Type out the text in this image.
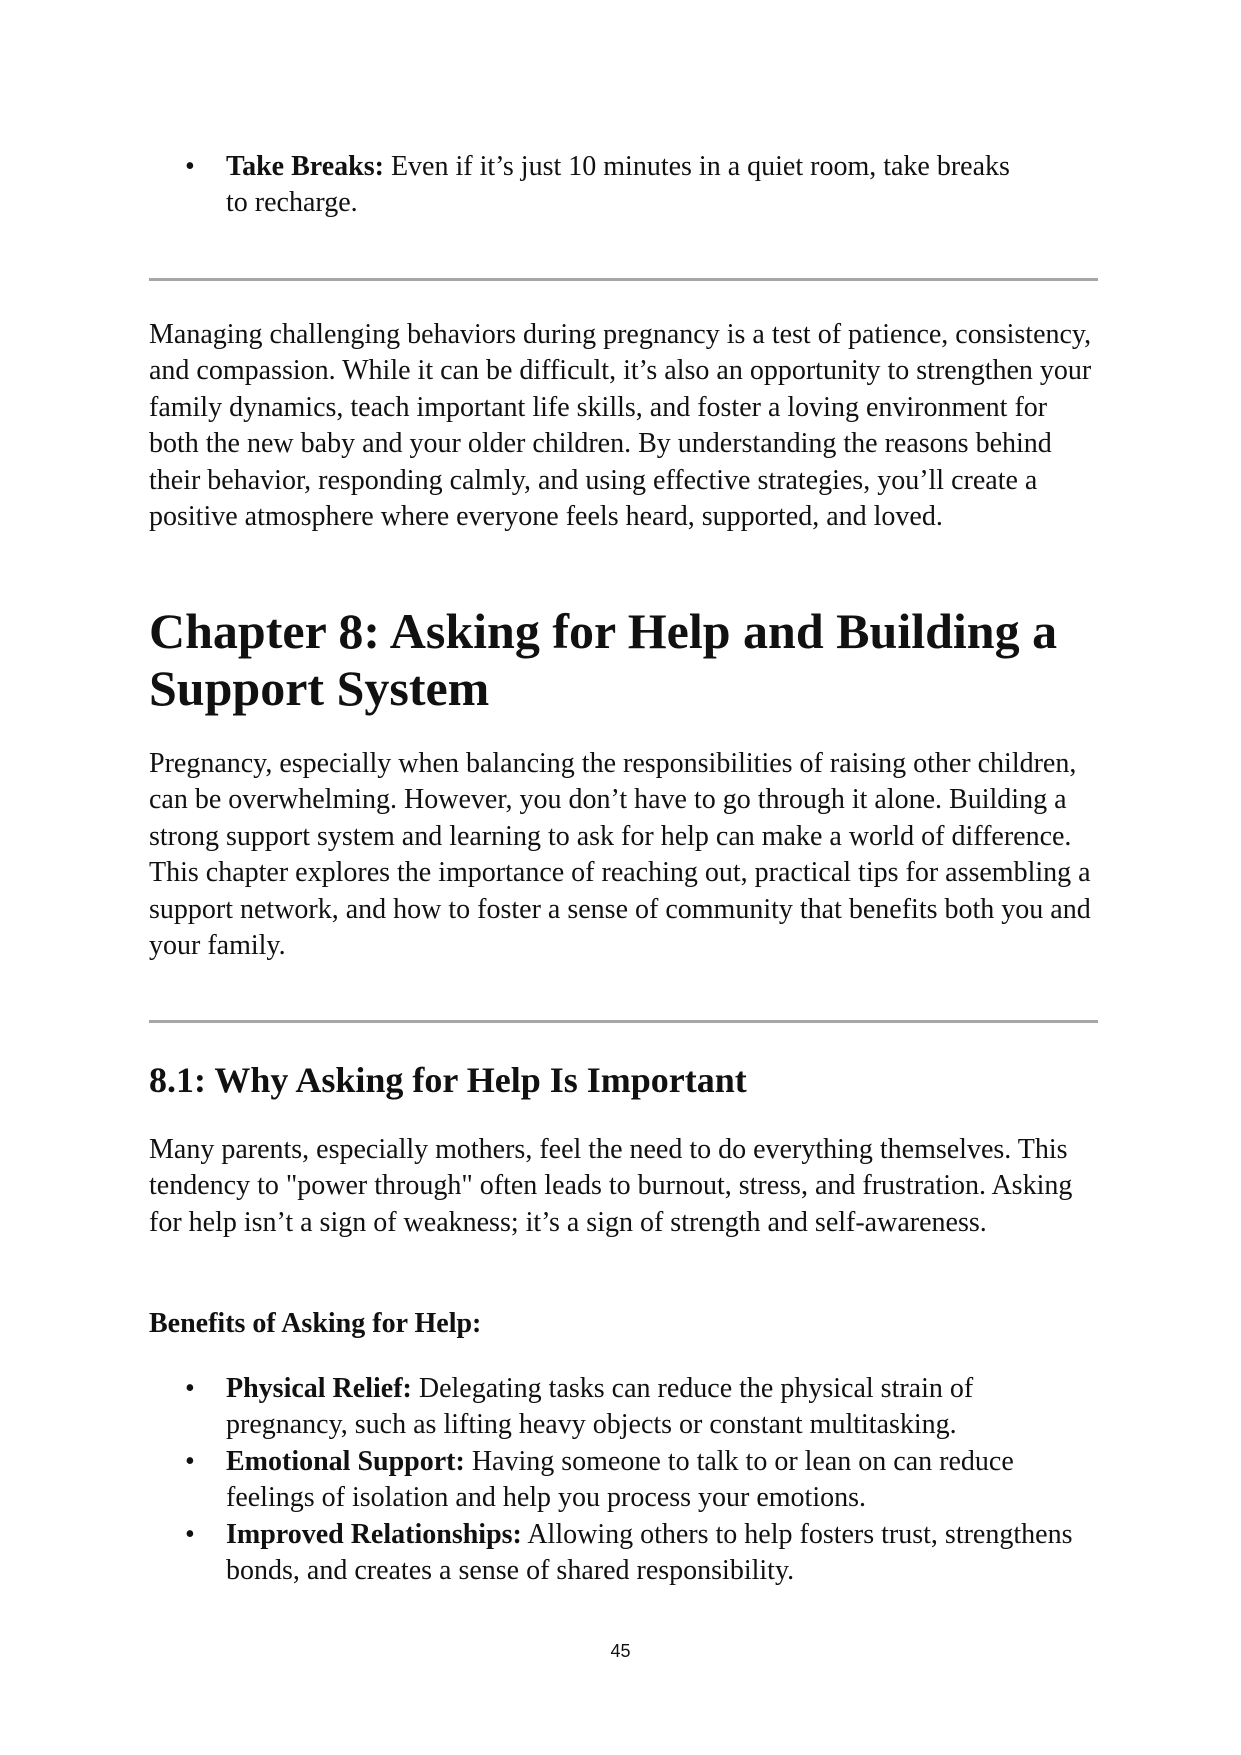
• Take Breaks: Even if it’s just 10 minutes in a quiet room, take breaks to recharge.
Managing challenging behaviors during pregnancy is a test of patience, consistency, and compassion. While it can be difficult, it’s also an opportunity to strengthen your family dynamics, teach important life skills, and foster a loving environment for both the new baby and your older children. By understanding the reasons behind their behavior, responding calmly, and using effective strategies, you’ll create a positive atmosphere where everyone feels heard, supported, and loved.
Chapter 8: Asking for Help and Building a Support System
Pregnancy, especially when balancing the responsibilities of raising other children, can be overwhelming. However, you don’t have to go through it alone. Building a strong support system and learning to ask for help can make a world of difference. This chapter explores the importance of reaching out, practical tips for assembling a support network, and how to foster a sense of community that benefits both you and your family.
8.1: Why Asking for Help Is Important
Many parents, especially mothers, feel the need to do everything themselves. This tendency to "power through" often leads to burnout, stress, and frustration. Asking for help isn’t a sign of weakness; it’s a sign of strength and self-awareness.
Benefits of Asking for Help:
• Physical Relief: Delegating tasks can reduce the physical strain of pregnancy, such as lifting heavy objects or constant multitasking.
• Emotional Support: Having someone to talk to or lean on can reduce feelings of isolation and help you process your emotions.
• Improved Relationships: Allowing others to help fosters trust, strengthens bonds, and creates a sense of shared responsibility.
45
